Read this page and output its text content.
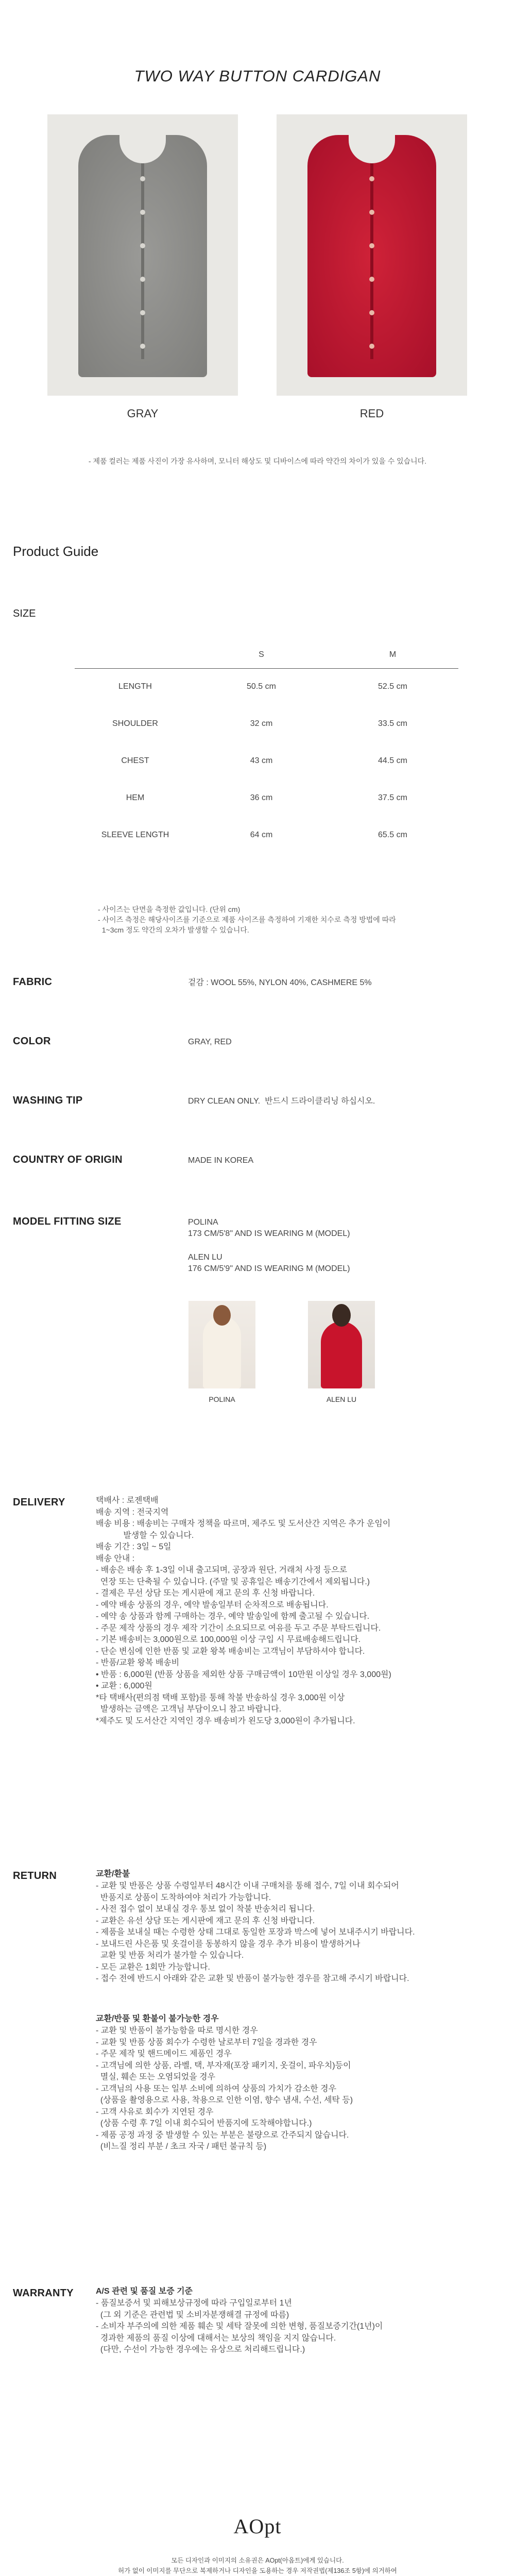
TWO WAY BUTTON CARDIGAN
GRAY	RED
- 제품 컬러는 제품 사진이 가장 유사하며, 모니터 해상도 및 디바이스에 따라 약간의 차이가 있을 수 있습니다.
Product Guide
SIZE
	S	M
LENGTH	50.5 cm	52.5 cm
SHOULDER	32 cm	33.5 cm
CHEST	43 cm	44.5 cm
HEM	36 cm	37.5 cm
SLEEVE LENGTH	64 cm	65.5 cm
- 사이즈는 단면을 측정한 값입니다. (단위 cm)
- 사이즈 측정은 해당사이즈를 기준으로 제품 사이즈를 측정하여 기재한 치수로 측정 방법에 따라
1~3cm 정도 약간의 오차가 발생할 수 있습니다.
FABRIC	겉감 : WOOL 55%, NYLON 40%, CASHMERE 5%
COLOR	GRAY, RED
WASHING TIP	DRY CLEAN ONLY.  반드시 드라이클리닝 하십시오.
COUNTRY OF ORIGIN	MADE IN KOREA
MODEL FITTING SIZE	POLINA
173 CM/5'8" AND IS WEARING M (MODEL)
ALEN LU
176 CM/5'9" AND IS WEARING M (MODEL)
POLINA	ALEN LU
DELIVERY	택배사 : 로젠택배
배송 지역 : 전국지역
배송 비용 : 배송비는 구매자 정책을 따르며, 제주도 및 도서산간 지역은 추가 운임이
발생할 수 있습니다.
배송 기간 : 3일 ~ 5일
배송 안내 :
- 배송은 배송 후 1-3일 이내 출고되며, 공장과 원단, 거래처 사정 등으로
연장 또는 단축될 수 있습니다. (주말 및 공휴일은 배송기간에서 제외됩니다.)
- 결제은 무선 상담 또는 게시판에 재고 문의 후 신청 바랍니다.
- 예약 배송 상품의 경우, 예약 발송일부터 순차적으로 배송됩니다.
- 예약 송 상품과 함께 구매하는 경우, 예약 발송일에 함께 출고될 수 있습니다.
- 주문 제작 상품의 경우 제작 기간이 소요되므로 여유를 두고 주문 부탁드립니다.
- 기본 배송비는 3,000원으로 100,000원 이상 구입 시 무료배송해드립니다.
- 단순 변심에 인한 반품 및 교환 왕복 배송비는 고객님이 부담하셔야 합니다.
- 반품/교환 왕복 배송비
• 반품 : 6,000원 (반품 상품을 제외한 상품 구매금액이 10만원 이상일 경우 3,000원)
• 교환 : 6,000원
*타 택배사(편의점 택배 포함)를 통해 착불 반송하실 경우 3,000원 이상
발생하는 금액은 고객님 부담이오니 참고 바랍니다.
*제주도 및 도서산간 지역인 경우 배송비가 왼도당 3,000원이 추가됩니다.
RETURN	교환/환불
- 교환 및 반품은 상품 수령일부터 48시간 이내 구매처를 통해 접수, 7일 이내 회수되어
반품지로 상품이 도착하여야 처리가 가능합니다.
- 사전 접수 없이 보내실 경우 통보 없이 착불 반송처리 됩니다.
- 교환은 유선 상담 또는 게시판에 재고 문의 후 신청 바랍니다.
- 제품을 보내실 때는 수령한 상태 그대로 동일한 포장과 박스에 넣어 보내주시기 바랍니다.
- 보내드린 사은품 및 옷걸이를 동봉하지 않을 경우 추가 비용이 발생하거나
교환 및 반품 처리가 불가할 수 있습니다.
- 모든 교환은 1회만 가능합니다.
- 접수 전에 반드시 아래와 같은 교환 및 반품이 불가능한 경우를 참고해 주시기 바랍니다.
교환/반품 및 환불이 불가능한 경우
- 교환 및 반품이 불가능함을 따로 명시한 경우
- 교환 및 반품 상품 회수가 수령한 날로부터 7일을 경과한 경우
- 주문 제작 및 핸드메이드 제품인 경우
- 고객님에 의한 상품, 라벨, 택, 부자재(포장 패키지, 옷걸이, 파우치)등이
멸실, 훼손 또는 오염되었을 경우
- 고객님의 사용 또는 일부 소비에 의하여 상품의 가치가 감소한 경우
(상품을 촬영용으로 사용, 착용으로 인한 이염, 향수 냄새, 수선, 세탁 등)
- 고객 사유로 회수가 지연된 경우
(상품 수령 후 7일 이내 회수되어 반품지에 도착해야합니다.)
- 제품 공정 과정 중 발생할 수 있는 부분은 불량으로 간주되지 않습니다.
(비느질 정리 부분 / 초크 자국 / 패턴 불규칙 등)
WARRANTY	A/S 관련 및 품질 보증 기준
- 품질보증서 및 피해보상규정에 따라 구입일로부터 1년
(그 외 기준은 관련법 및 소비자분쟁해결 규정에 따름)
- 소비자 부주의에 의한 제품 훼손 및 세탁 잘못에 의한 변형, 품질보증기간(1년)이
경과한 제품의 품질 이상에 대해서는 보상의 책임을 지지 않습니다.
(다만, 수선이 가능한 경우에는 유상으로 처리해드립니다.)
AOpt
모든 디자인과 이미지의 소유권은 AOpt(아옵트)에게 있습니다.
허가 없이 이미지를 무단으로 복제하거나 디자인을 도용하는 경우 저작권법(제136조 5항)에 의거하여
